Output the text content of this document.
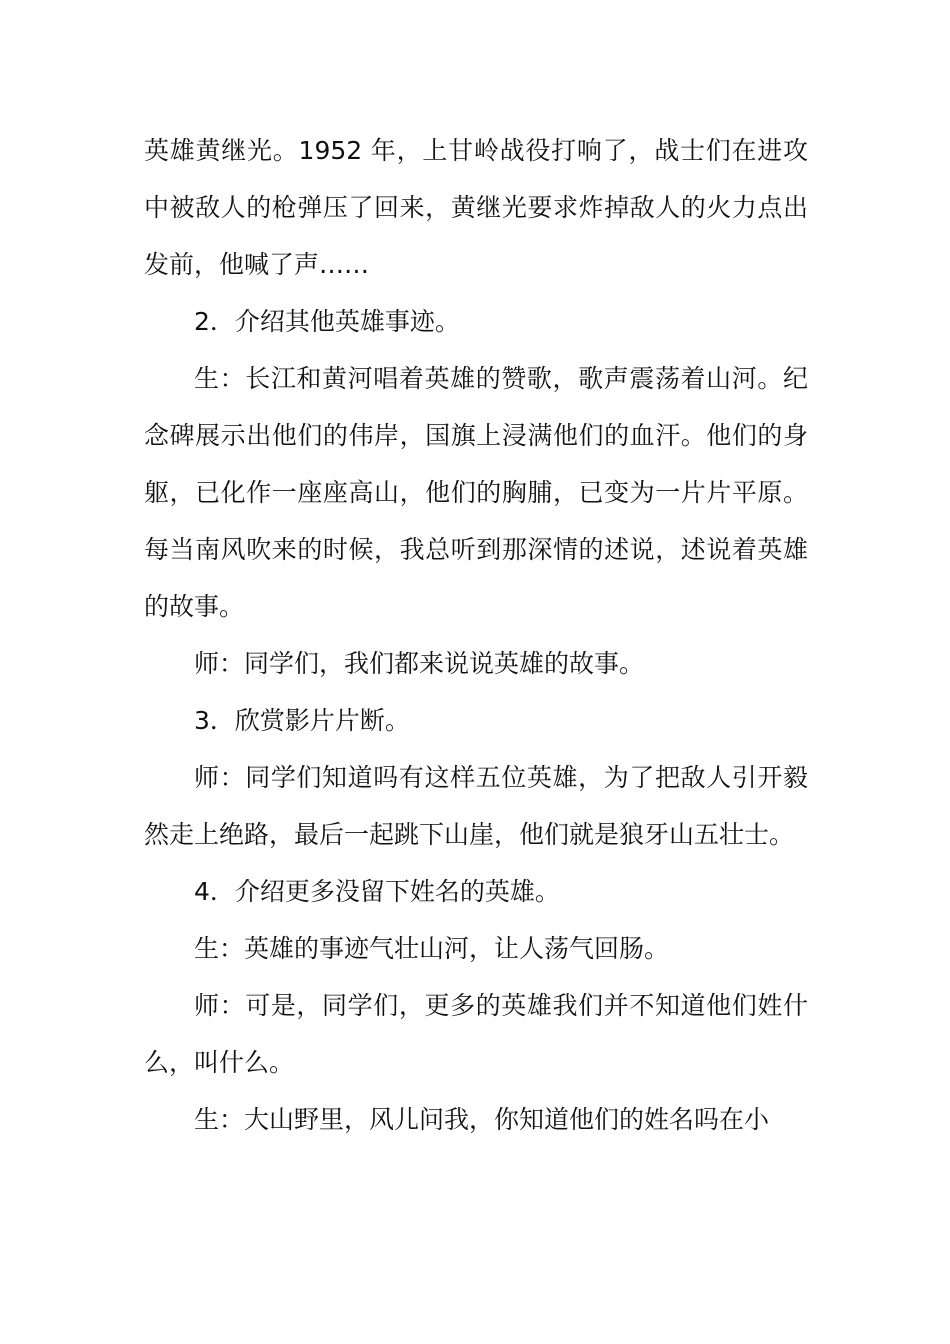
英雄黄继光。1952 年，上甘岭战役打响了，战士们在进攻中被敌人的枪弹压了回来，黄继光要求炸掉敌人的火力点出发前，他喊了声……

2．介绍其他英雄事迹。

生：长江和黄河唱着英雄的赞歌，歌声震荡着山河。纪念碑展示出他们的伟岸，国旗上浸满他们的血汗。他们的身躯，已化作一座座高山，他们的胸脯，已变为一片片平原。每当南风吹来的时候，我总听到那深情的述说，述说着英雄的故事。

师：同学们，我们都来说说英雄的故事。

3．欣赏影片片断。

师：同学们知道吗有这样五位英雄，为了把敌人引开毅然走上绝路，最后一起跳下山崖，他们就是狼牙山五壮士。

4．介绍更多没留下姓名的英雄。

生：英雄的事迹气壮山河，让人荡气回肠。

师：可是，同学们，更多的英雄我们并不知道他们姓什么，叫什么。

生：大山野里，风儿问我，你知道他们的姓名吗在小
